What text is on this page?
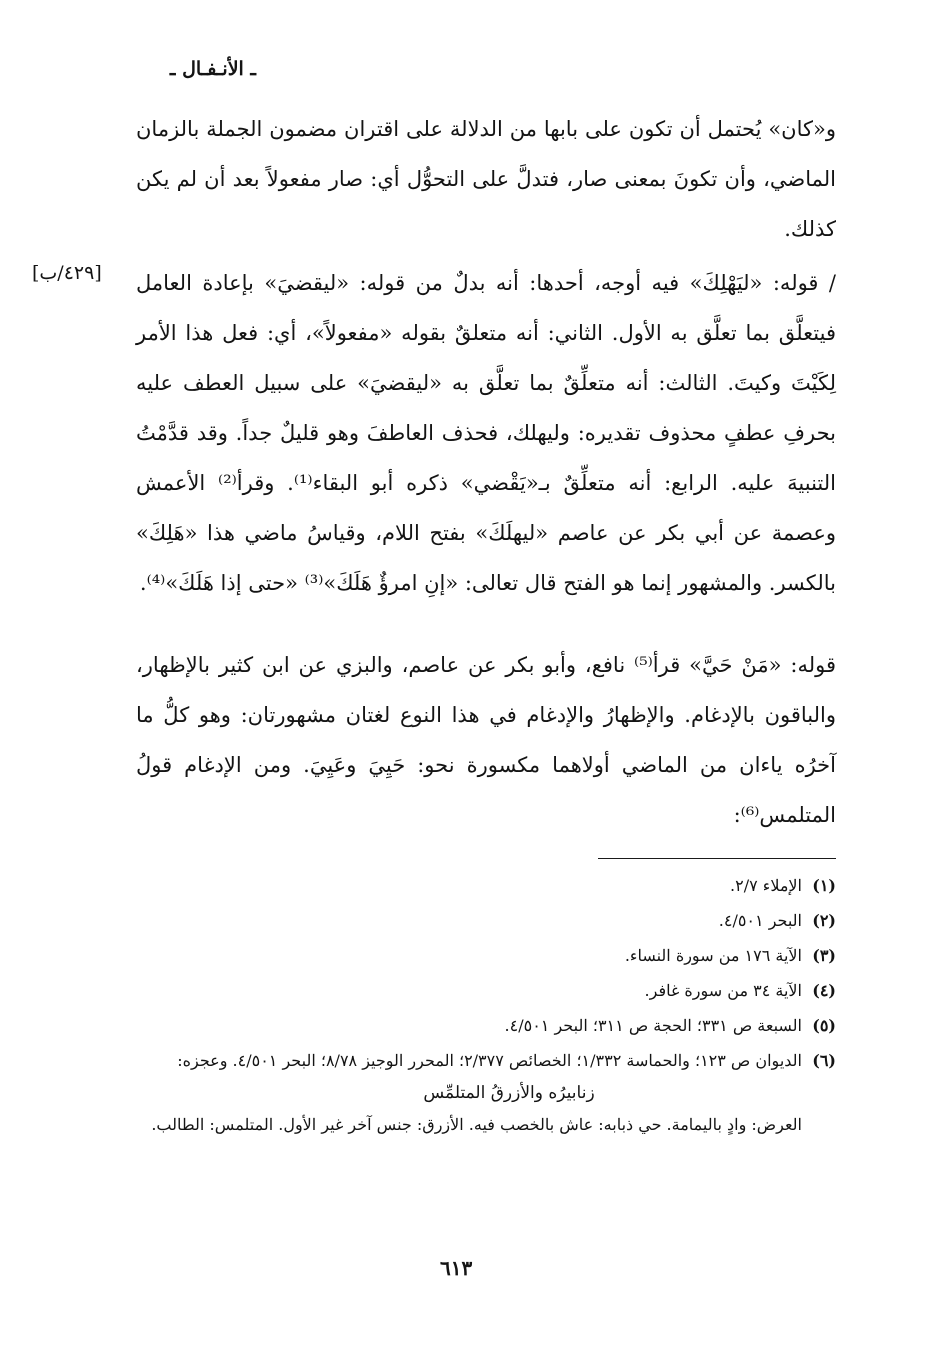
ـ الأنـفـال ـ
[٤٢٩/ب]

و«كان» يُحتمل أن تكون على بابها من الدلالة على اقتران مضمون الجملة بالزمان الماضي، وأن تكونَ بمعنى صار، فتدلَّ على التحوُّل أي: صار مفعولاً بعد أن لم يكن كذلك.

/ قوله: «ليَهْلِكَ» فيه أوجه، أحدها: أنه بدلٌ من قوله: «ليقضيَ» بإعادة العامل فيتعلَّق بما تعلَّق به الأول. الثاني: أنه متعلقٌ بقوله «مفعولاً»، أي: فعل هذا الأمر لِكَيْتَ وكيتَ. الثالث: أنه متعلِّقٌ بما تعلَّق به «ليقضيَ» على سبيل العطف عليه بحرفِ عطفٍ محذوف تقديره: وليهلك، فحذف العاطفَ وهو قليلٌ جداً. وقد قدَّمْتُ التنبيهَ عليه. الرابع: أنه متعلِّقٌ بـ«يَقْضي» ذكره أبو البقاء⁽¹⁾. وقرأ⁽²⁾ الأعمش وعصمة عن أبي بكر عن عاصم «ليهلَكَ» بفتح اللام، وقياسُ ماضي هذا «هَلِكَ» بالكسر. والمشهور إنما هو الفتح قال تعالى: «إنِ امرؤٌ هَلَكَ»⁽³⁾ «حتى إذا هَلَكَ»⁽⁴⁾.

قوله: «مَنْ حَيَّ» قرأ⁽⁵⁾ نافع، وأبو بكر عن عاصم، والبزي عن ابن كثير بالإظهار، والباقون بالإدغام. والإظهارُ والإدغام في هذا النوع لغتان مشهورتان: وهو كلُّ ما آخرُه ياءان من الماضي أولاهما مكسورة نحو: حَيِيَ وعَيِيَ. ومن الإدغام قولُ المتلمس⁽⁶⁾:

(١)
الإملاء ٢/٧.
(٢)
البحر ٤/٥٠١.
(٣)
الآية ١٧٦ من سورة النساء.
(٤)
الآية ٣٤ من سورة غافر.
(٥)
السبعة ص ٣٣١؛ الحجة ص ٣١١؛ البحر ٤/٥٠١.
(٦)
الديوان ص ١٢٣؛ والحماسة ١/٣٣٢؛ الخصائص ٢/٣٧٧؛ المحرر الوجيز ٨/٧٨؛ البحر ٤/٥٠١. وعجزه:
زنابيرُه والأزرقُ المتلمِّس
العرض: وادٍ باليمامة. حي ذبابه: عاش بالخصب فيه. الأزرق: جنس آخر غير الأول. المتلمس: الطالب.
٦١٣
